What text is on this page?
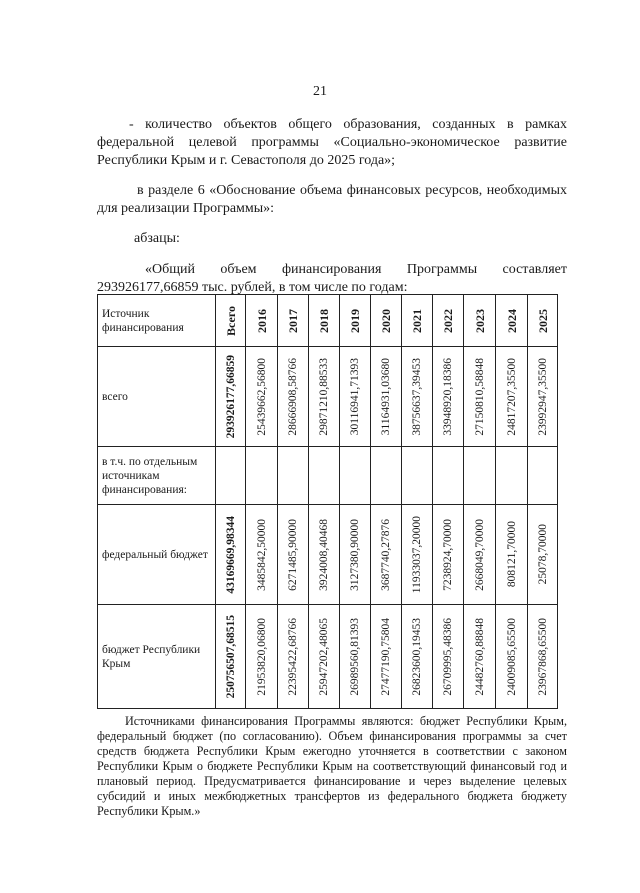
21
- количество объектов общего образования, созданных в рамках
федеральной целевой программы «Социально-экономическое развитие
Республики Крым и г. Севастополя до 2025 года»;
в разделе 6 «Обоснование объема финансовых ресурсов, необходимых
для реализации Программы»:
абзацы:
«Общий объем финансирования Программы составляет
293926177,66859 тыс. рублей, в том числе по годам:
Источник финансирования	Всего	2016	2017	2018	2019	2020	2021	2022	2023	2024	2025

всего	293926177,66859	25439662,56800	28666908,58766	29871210,88533	30116941,71393	31164931,03680	38756637,39453	33948920,18386	27150810,58848	24817207,35500	23992947,35500

в т.ч. по отдельным источникам финансирования:											
федеральный бюджет	43169669,98344	3485842,50000	6271485,90000	3924008,40468	3127380,90000	3687740,27876	11933037,20000	7238924,70000	2668049,70000	808121,70000	25078,70000

бюджет Республики Крым	250756507,68515	21953820,06800	22395422,68766	25947202,48065	26989560,81393	27477190,75804	26823600,19453	26709995,48386	24482760,88848	24009085,65500	23967868,65500

Источниками финансирования Программы являются: бюджет Республики Крым, федеральный бюджет (по согласованию). Объем финансирования программы за счет средств бюджета Республики Крым ежегодно уточняется в соответствии с законом Республики Крым о бюджете Республики Крым на соответствующий финансовый год и плановый период. Предусматривается финансирование и через выделение целевых субсидий и иных межбюджетных трансфертов из федерального бюджета бюджету Республики Крым.»
